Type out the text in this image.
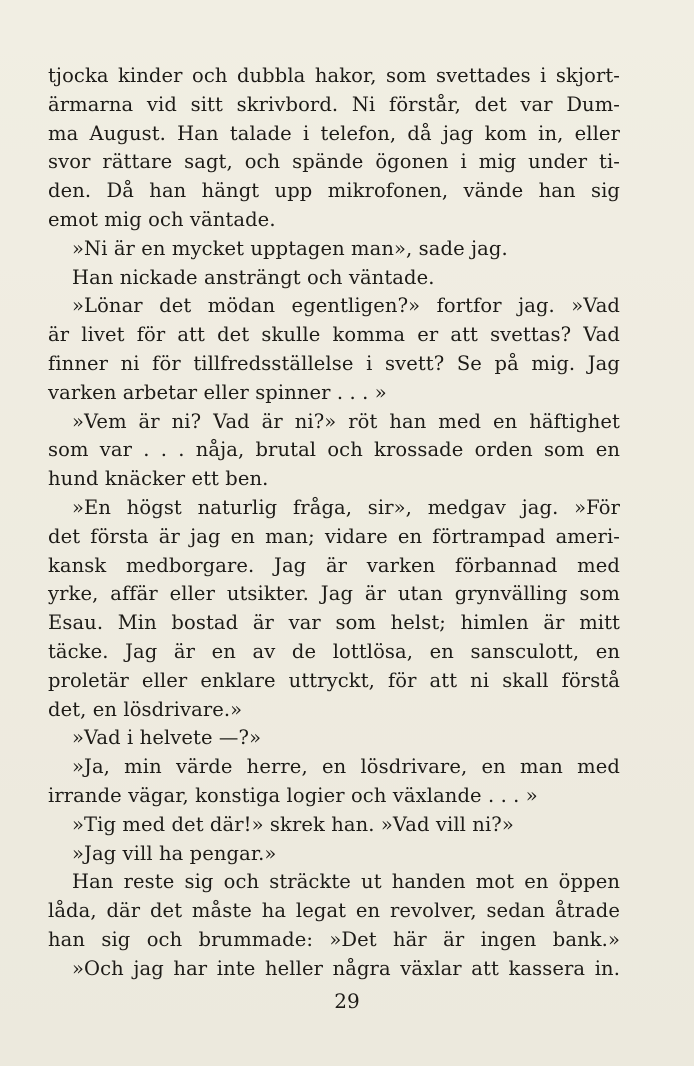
tjocka kinder och dubbla hakor, som svettades i skjort-
ärmarna vid sitt skrivbord. Ni förstår, det var Dum-
ma August. Han talade i telefon, då jag kom in, eller
svor rättare sagt, och spände ögonen i mig under ti-
den. Då han hängt upp mikrofonen, vände han sig
emot mig och väntade.
»Ni är en mycket upptagen man», sade jag.
Han nickade ansträngt och väntade.
»Lönar det mödan egentligen?» fortfor jag. »Vad
är livet för att det skulle komma er att svettas? Vad
finner ni för tillfredsställelse i svett? Se på mig. Jag
varken arbetar eller spinner . . . »
»Vem är ni? Vad är ni?» röt han med en häftighet
som var . . . nåja, brutal och krossade orden som en
hund knäcker ett ben.
»En högst naturlig fråga, sir», medgav jag. »För
det första är jag en man; vidare en förtrampad ameri-
kansk medborgare. Jag är varken förbannad med
yrke, affär eller utsikter. Jag är utan grynvälling som
Esau. Min bostad är var som helst; himlen är mitt
täcke. Jag är en av de lottlösa, en sansculott, en
proletär eller enklare uttryckt, för att ni skall förstå
det, en lösdrivare.»
»Vad i helvete —?»
»Ja, min värde herre, en lösdrivare, en man med
irrande vägar, konstiga logier och växlande . . . »
»Tig med det där!» skrek han. »Vad vill ni?»
»Jag vill ha pengar.»
Han reste sig och sträckte ut handen mot en öppen
låda, där det måste ha legat en revolver, sedan åtrade
han sig och brummade: »Det här är ingen bank.»
»Och jag har inte heller några växlar att kassera in.
29
